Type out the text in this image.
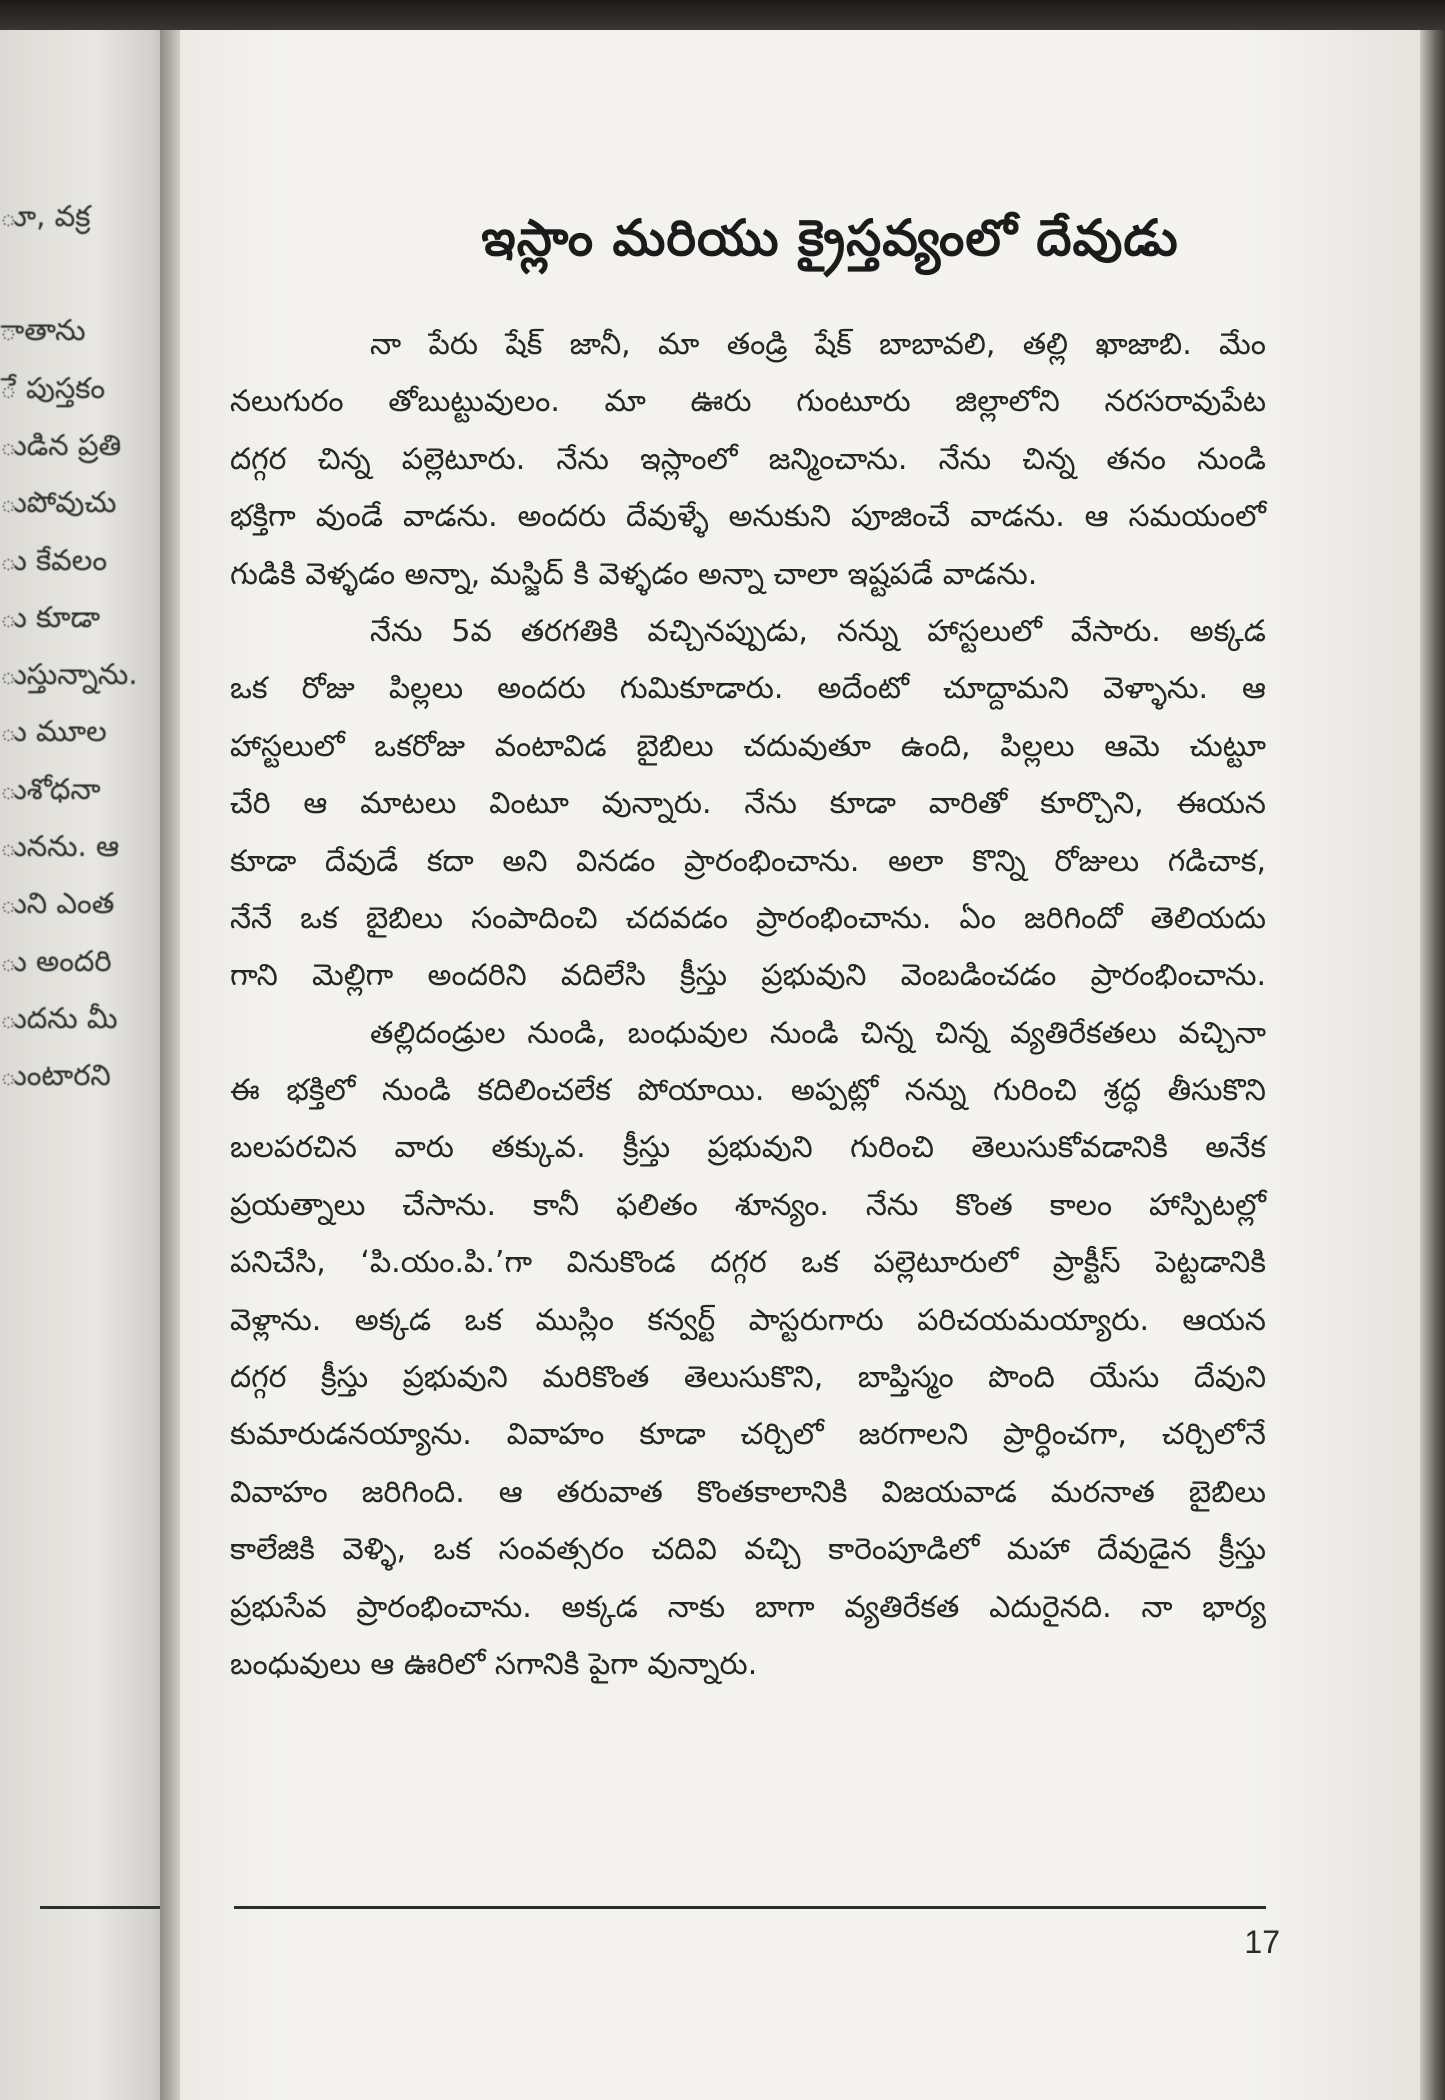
ూ, వక్ర
ాతాను
ే పుస్తకం
ుడిన ప్రతి
ుపోవుచు
ు కేవలం
ు కూడా
ుస్తున్నాను.
ు మూల
ుశోధనా
ునను. ఆ
ుని ఎంత
ు అందరి
ుదను మీ
ుంటారని
ఇస్లాం మరియు క్రైస్తవ్యంలో దేవుడు
నా పేరు షేక్ జానీ, మా తండ్రి షేక్ బాబావలి, తల్లి ఖాజాబి. మేం
నలుగురం తోబుట్టువులం. మా ఊరు గుంటూరు జిల్లాలోని నరసరావుపేట
దగ్గర చిన్న పల్లెటూరు. నేను ఇస్లాంలో జన్మించాను. నేను చిన్న తనం నుండి
భక్తిగా వుండే వాడను. అందరు దేవుళ్ళే అనుకుని పూజించే వాడను. ఆ సమయంలో
గుడికి వెళ్ళడం అన్నా, మస్జిద్ కి వెళ్ళడం అన్నా చాలా ఇష్టపడే వాడను.
నేను 5వ తరగతికి వచ్చినప్పుడు, నన్ను హాస్టలులో వేసారు. అక్కడ
ఒక రోజు పిల్లలు అందరు గుమికూడారు. అదేంటో చూద్దామని వెళ్ళాను. ఆ
హాస్టలులో ఒకరోజు వంటావిడ బైబిలు చదువుతూ ఉంది, పిల్లలు ఆమె చుట్టూ
చేరి ఆ మాటలు వింటూ వున్నారు. నేను కూడా వారితో కూర్చొని, ఈయన
కూడా దేవుడే కదా అని వినడం ప్రారంభించాను. అలా కొన్ని రోజులు గడిచాక,
నేనే ఒక బైబిలు సంపాదించి చదవడం ప్రారంభించాను. ఏం జరిగిందో తెలియదు
గాని మెల్లిగా అందరిని వదిలేసి క్రీస్తు ప్రభువుని వెంబడించడం ప్రారంభించాను.
తల్లిదండ్రుల నుండి, బంధువుల నుండి చిన్న చిన్న వ్యతిరేకతలు వచ్చినా
ఈ భక్తిలో నుండి కదిలించలేక పోయాయి. అప్పట్లో నన్ను గురించి శ్రద్ధ తీసుకొని
బలపరచిన వారు తక్కువ. క్రీస్తు ప్రభువుని గురించి తెలుసుకోవడానికి అనేక
ప్రయత్నాలు చేసాను. కానీ ఫలితం శూన్యం. నేను కొంత కాలం హాస్పిటల్లో
పనిచేసి, ‘పి.యం.పి.’గా వినుకొండ దగ్గర ఒక పల్లెటూరులో ప్రాక్టీస్ పెట్టడానికి
వెళ్లాను. అక్కడ ఒక ముస్లిం కన్వర్ట్ పాస్టరుగారు పరిచయమయ్యారు. ఆయన
దగ్గర క్రీస్తు ప్రభువుని మరికొంత తెలుసుకొని, బాప్తిస్మం పొంది యేసు దేవుని
కుమారుడనయ్యాను. వివాహం కూడా చర్చిలో జరగాలని ప్రార్ధించగా, చర్చిలోనే
వివాహం జరిగింది. ఆ తరువాత కొంతకాలానికి విజయవాడ మరనాత బైబిలు
కాలేజికి వెళ్ళి, ఒక సంవత్సరం చదివి వచ్చి కారెంపూడిలో మహా దేవుడైన క్రీస్తు
ప్రభుసేవ ప్రారంభించాను. అక్కడ నాకు బాగా వ్యతిరేకత ఎదురైనది. నా భార్య
బంధువులు ఆ ఊరిలో సగానికి పైగా వున్నారు.
17
